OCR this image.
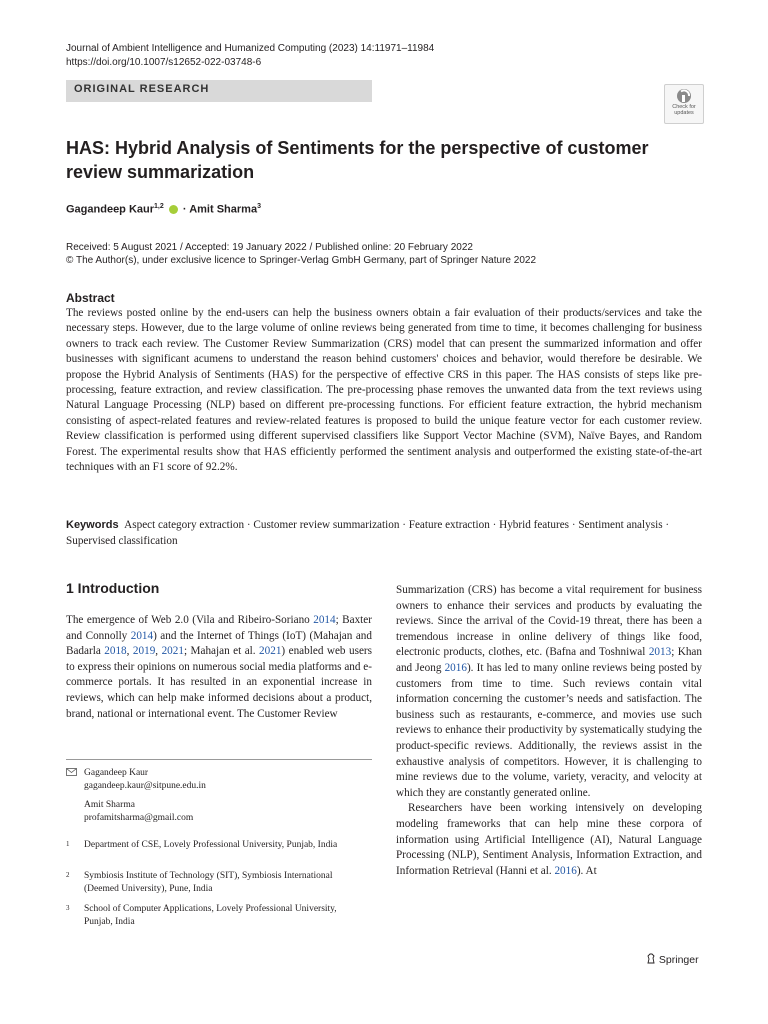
Journal of Ambient Intelligence and Humanized Computing (2023) 14:11971–11984
https://doi.org/10.1007/s12652-022-03748-6
ORIGINAL RESEARCH
Check for
updates
HAS: Hybrid Analysis of Sentiments for the perspective of customer review summarization
Gagandeep Kaur$^{1,2}$  · Amit Sharma$^3$
Received: 5 August 2021 / Accepted: 19 January 2022 / Published online: 20 February 2022
© The Author(s), under exclusive licence to Springer-Verlag GmbH Germany, part of Springer Nature 2022
Abstract
The reviews posted online by the end-users can help the business owners obtain a fair evaluation of their products/services and take the necessary steps. However, due to the large volume of online reviews being generated from time to time, it becomes challenging for business owners to track each review. The Customer Review Summarization (CRS) model that can present the summarized information and offer businesses with significant acumens to understand the reason behind customers' choices and behavior, would therefore be desirable. We propose the Hybrid Analysis of Sentiments (HAS) for the perspective of effective CRS in this paper. The HAS consists of steps like pre-processing, feature extraction, and review classification. The pre-processing phase removes the unwanted data from the text reviews using Natural Language Processing (NLP) based on different pre-processing functions. For efficient feature extraction, the hybrid mechanism consisting of aspect-related features and review-related features is proposed to build the unique feature vector for each customer review. Review classification is performed using different supervised classifiers like Support Vector Machine (SVM), Naïve Bayes, and Random Forest. The experimental results show that HAS efficiently performed the sentiment analysis and outperformed the existing state-of-the-art techniques with an F1 score of 92.2%.
Keywords Aspect category extraction · Customer review summarization · Feature extraction · Hybrid features · Sentiment analysis · Supervised classification
1 Introduction

The emergence of Web 2.0 (Vila and Ribeiro-Soriano 2014; Baxter and Connolly 2014) and the Internet of Things (IoT) (Mahajan and Badarla 2018, 2019, 2021; Mahajan et al. 2021) enabled web users to express their opinions on numerous social media platforms and e-commerce portals. It has resulted in an exponential increase in reviews, which can help make informed decisions about a product, brand, national or international event. The Customer Review

Gagandeep Kaur
gagandeep.kaur@sitpune.edu.in
Amit Sharma
profamitsharma@gmail.com
1 Department of CSE, Lovely Professional University, Punjab, India
2 Symbiosis Institute of Technology (SIT), Symbiosis International (Deemed University), Pune, India
3 School of Computer Applications, Lovely Professional University, Punjab, India

Summarization (CRS) has become a vital requirement for business owners to enhance their services and products by evaluating the reviews. Since the arrival of the Covid-19 threat, there has been a tremendous increase in online delivery of things like food, electronic products, clothes, etc. (Bafna and Toshniwal 2013; Khan and Jeong 2016). It has led to many online reviews being posted by customers from time to time. Such reviews contain vital information concerning the customer’s needs and satisfaction. The business such as restaurants, e-commerce, and movies use such reviews to enhance their productivity by systematically studying the product-specific reviews. Additionally, the reviews assist in the exhaustive analysis of competitors. However, it is challenging to mine reviews due to the volume, variety, veracity, and velocity at which they are constantly generated online.

Researchers have been working intensively on developing modeling frameworks that can help mine these corpora of information using Artificial Intelligence (AI), Natural Language Processing (NLP), Sentiment Analysis, Information Extraction, and Information Retrieval (Hanni et al. 2016). At

Springer
